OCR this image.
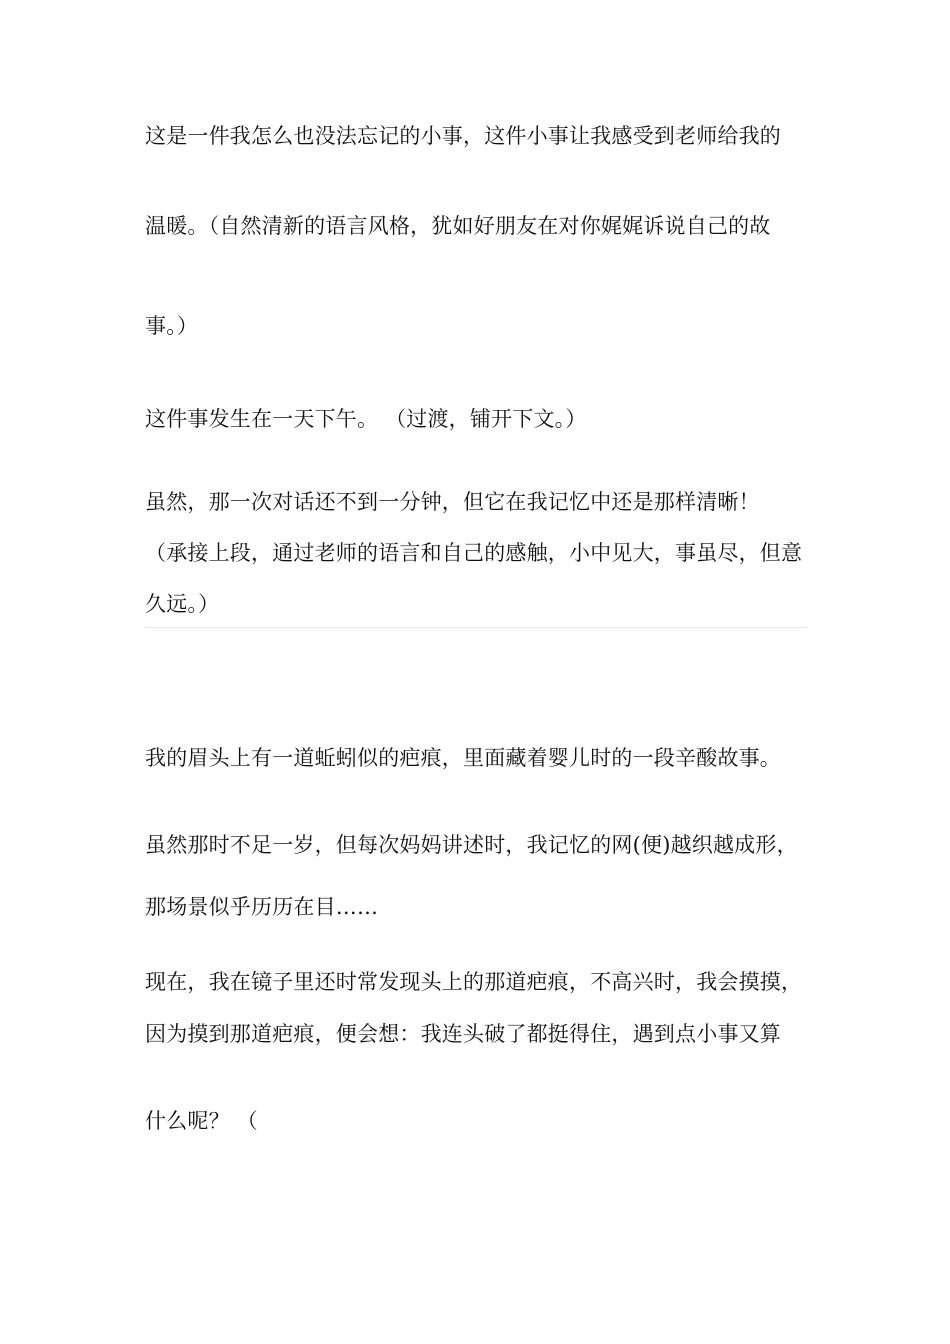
这是一件我怎么也没法忘记的小事，这件小事让我感受到老师给我的
温暖。（自然清新的语言风格，犹如好朋友在对你娓娓诉说自己的故
事。）
这件事发生在一天下午。 （过渡，铺开下文。）
虽然，那一次对话还不到一分钟，但它在我记忆中还是那样清晰！
（承接上段，通过老师的语言和自己的感触，小中见大，事虽尽，但意
久远。）
我的眉头上有一道蚯蚓似的疤痕，里面藏着婴儿时的一段辛酸故事。
虽然那时不足一岁，但每次妈妈讲述时，我记忆的网(便)越织越成形，
那场景似乎历历在目……
现在，我在镜子里还时常发现头上的那道疤痕，不高兴时，我会摸摸，
因为摸到那道疤痕，便会想：我连头破了都挺得住，遇到点小事又算
什么呢？ （
